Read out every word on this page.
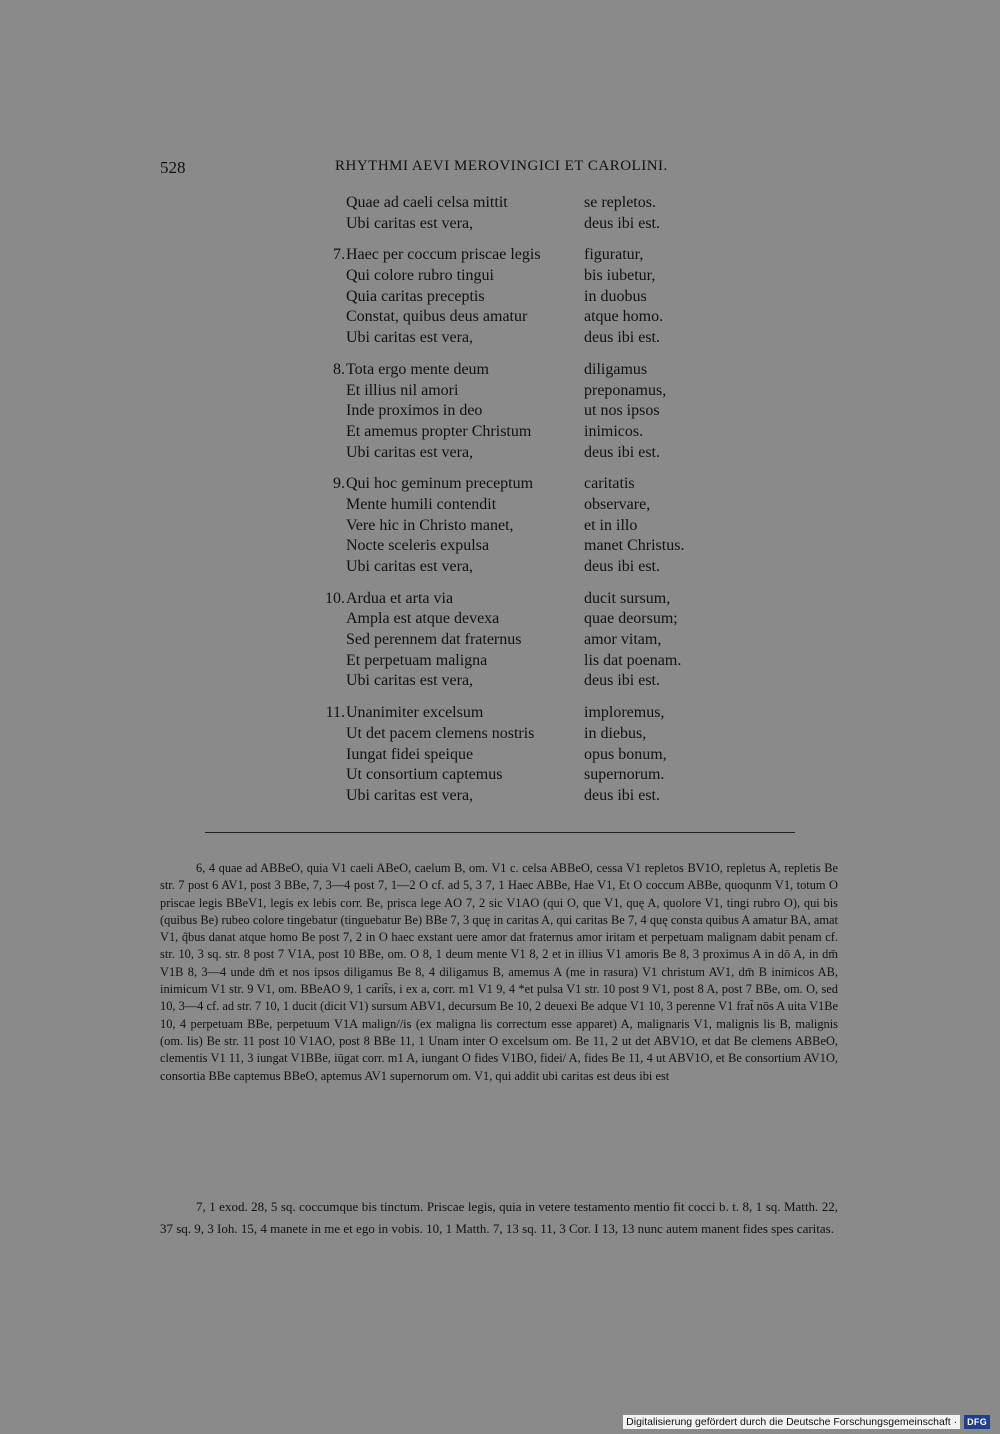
528	RHYTHMI AEVI MEROVINGICI ET CAROLINI.
Quae ad caeli celsa mittit	se repletos.
Ubi caritas est vera,	deus ibi est.
7. Haec per coccum priscae legis	figuratur,
Qui colore rubro tingui	bis iubetur,
Quia caritas preceptis	in duobus
Constat, quibus deus amatur	atque homo.
Ubi caritas est vera,	deus ibi est.
8. Tota ergo mente deum	diligamus
Et illius nil amori	preponamus,
Inde proximos in deo	ut nos ipsos
Et amemus propter Christum	inimicos.
Ubi caritas est vera,	deus ibi est.
9. Qui hoc geminum preceptum	caritatis
Mente humili contendit	observare,
Vere hic in Christo manet,	et in illo
Nocte sceleris expulsa	manet Christus.
Ubi caritas est vera,	deus ibi est.
10. Ardua et arta via	ducit sursum,
Ampla est atque devexa	quae deorsum;
Sed perennem dat fraternus	amor vitam,
Et perpetuam maligna	lis dat poenam.
Ubi caritas est vera,	deus ibi est.
11. Unanimiter excelsum	imploremus,
Ut det pacem clemens nostris	in diebus,
Iungat fidei speique	opus bonum,
Ut consortium captemus	supernorum.
Ubi caritas est vera,	deus ibi est.

6, 4 quae ad ABBeO, quia V1 caeli ABeO, caelum B, om. V1 c. celsa ABBeO, cessa V1 repletos BV1O, repletus A, repletis Be str. 7 post 6 AV1, post 3 BBe, 7, 3—4 post 7, 1—2 O cf. ad 5, 3 7, 1 Haec ABBe, Hae V1, Et O coccum ABBe, quoqunm V1, totum O priscae legis BBeV1, legis ex lebis corr. Be, prisca lege AO 7, 2 sic V1AO (qui O, que V1, quę A, quolore V1, tingi rubro O), qui bis (quibus Be) rubeo colore tingebatur (tinguebatur Be) BBe 7, 3 quę in caritas A, qui caritas Be 7, 4 quę consta quibus A amatur BA, amat V1, q̃bus danat atque homo Be post 7, 2 in O haec exstant uere amor dat fraternus amor iritam et perpetuam malignam dabit penam cf. str. 10, 3 sq. str. 8 post 7 V1A, post 10 BBe, om. O 8, 1 deum mente V1 8, 2 et in illius V1 amoris Be 8, 3 proximus A in dō A, in dm̄ V1B 8, 3—4 unde dm̄ et nos ipsos diligamus Be 8, 4 diligamus B, amemus A (me in rasura) V1 christum AV1, dm̄ B inimicos AB, inimicum V1 str. 9 V1, om. BBeAO 9, 1 carit̃s, i ex a, corr. m1 V1 9, 4 *et pulsa V1 str. 10 post 9 V1, post 8 A, post 7 BBe, om. O, sed 10, 3—4 cf. ad str. 7 10, 1 ducit (dicit V1) sursum ABV1, decursum Be 10, 2 deuexi Be adque V1 10, 3 perenne V1 frat̃ nōs A uita V1Be 10, 4 perpetuam BBe, perpetuum V1A malign//is (ex maligna lis correctum esse apparet) A, malignaris V1, malignis lis B, malignis (om. lis) Be str. 11 post 10 V1AO, post 8 BBe 11, 1 Unam inter O excelsum om. Be 11, 2 ut det ABV1O, et dat Be clemens ABBeO, clementis V1 11, 3 iungat V1BBe, iūgat corr. m1 A, iungant O fides V1BO, fidei/ A, fides Be 11, 4 ut ABV1O, et Be consortium AV1O, consortia BBe captemus BBeO, aptemus AV1 supernorum om. V1, qui addit ubi caritas est deus ibi est

7, 1 exod. 28, 5 sq. coccumque bis tinctum. Priscae legis, quia in vetere testamento mentio fit cocci b. t. 8, 1 sq. Matth. 22, 37 sq. 9, 3 Ioh. 15, 4 manete in me et ego in vobis. 10, 1 Matth. 7, 13 sq. 11, 3 Cor. I 13, 13 nunc autem manent fides spes caritas.

Digitalisierung gefördert durch die Deutsche Forschungsgemeinschaft ·	DFG
